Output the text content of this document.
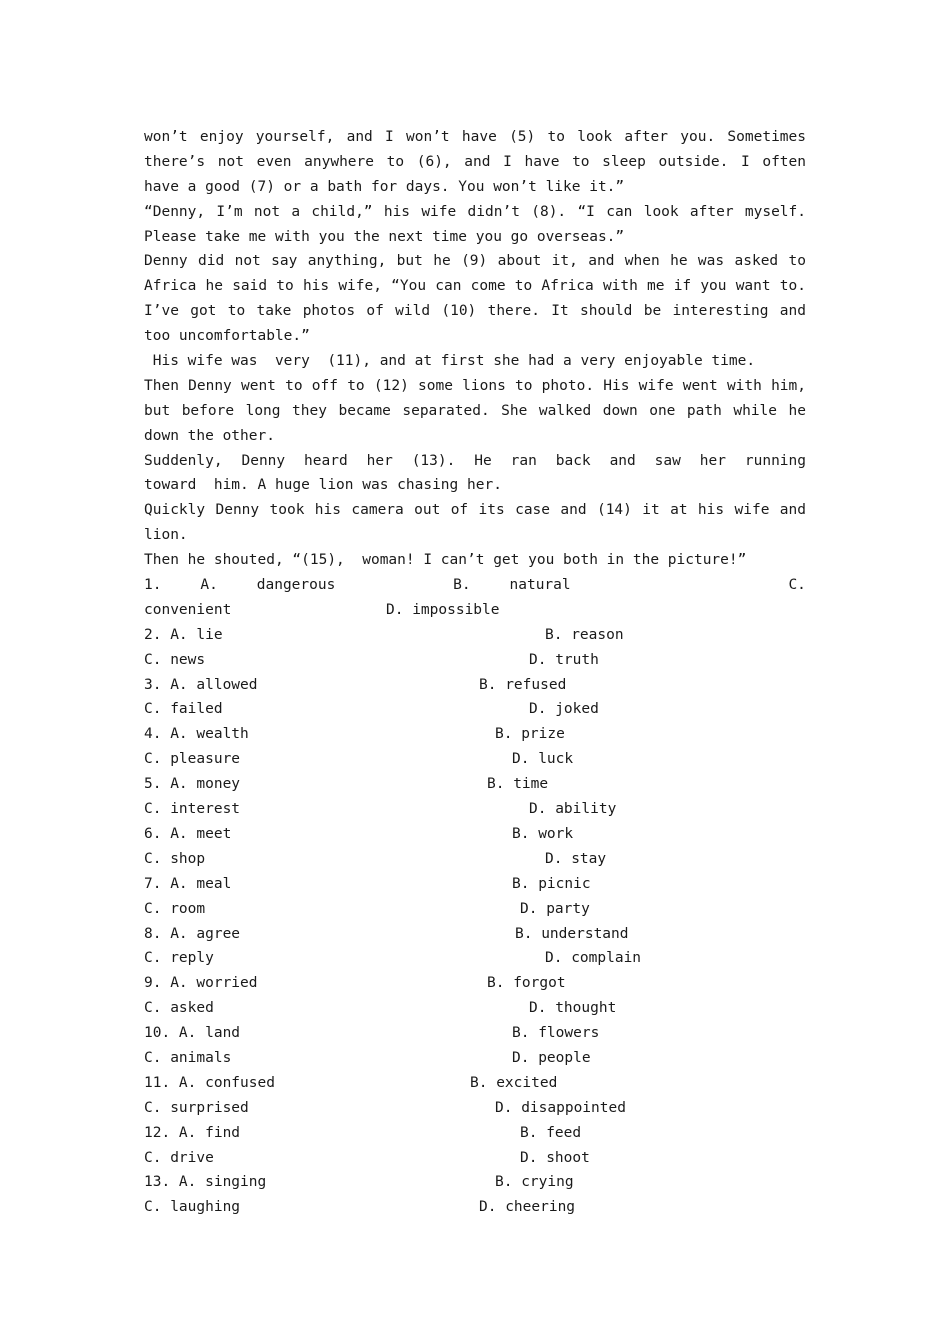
won’t enjoy yourself, and I won’t have (5) to look after you. Sometimes
there’s not even anywhere to (6), and I have to sleep outside. I often
have a good (7) or a bath for days. You won’t like it.”
“Denny, I’m not a child,” his wife didn’t (8). “I can look after myself.
Please take me with you the next time you go overseas.”
Denny did not say anything, but he (9) about it, and when he was asked to
Africa he said to his wife, “You can come to Africa with me if you want to.
I’ve got to take photos of wild (10) there. It should be interesting and
too uncomfortable.”
His wife was  very  (11), and at first she had a very enjoyable time.
Then Denny went to off to (12) some lions to photo. His wife went with him,
but before long they became separated. She walked down one path while he
down the other.
Suddenly, Denny heard her (13). He ran back and saw her running
toward  him. A huge lion was chasing her.
Quickly Denny took his camera out of its case and (14) it at his wife and
lion.
Then he shouted, “(15),  woman! I can’t get you both in the picture!”
1.	A.	dangerous	B.	natural	C.

convenient

	D. impossible

2. A. lie	B. reason
C. news	D. truth
3. A. allowed	B. refused
C. failed	D. joked
4. A. wealth	B. prize
C. pleasure	D. luck
5. A. money	B. time
C. interest	D. ability
6. A. meet	B. work
C. shop	D. stay
7. A. meal	B. picnic
C. room	D. party
8. A. agree	B. understand
C. reply	D. complain
9. A. worried	B. forgot
C. asked	D. thought
10. A. land	B. flowers
C. animals	D. people
11. A. confused	B. excited
C. surprised	D. disappointed
12. A. find	B. feed
C. drive	D. shoot
13. A. singing	B. crying
C. laughing	D. cheering
